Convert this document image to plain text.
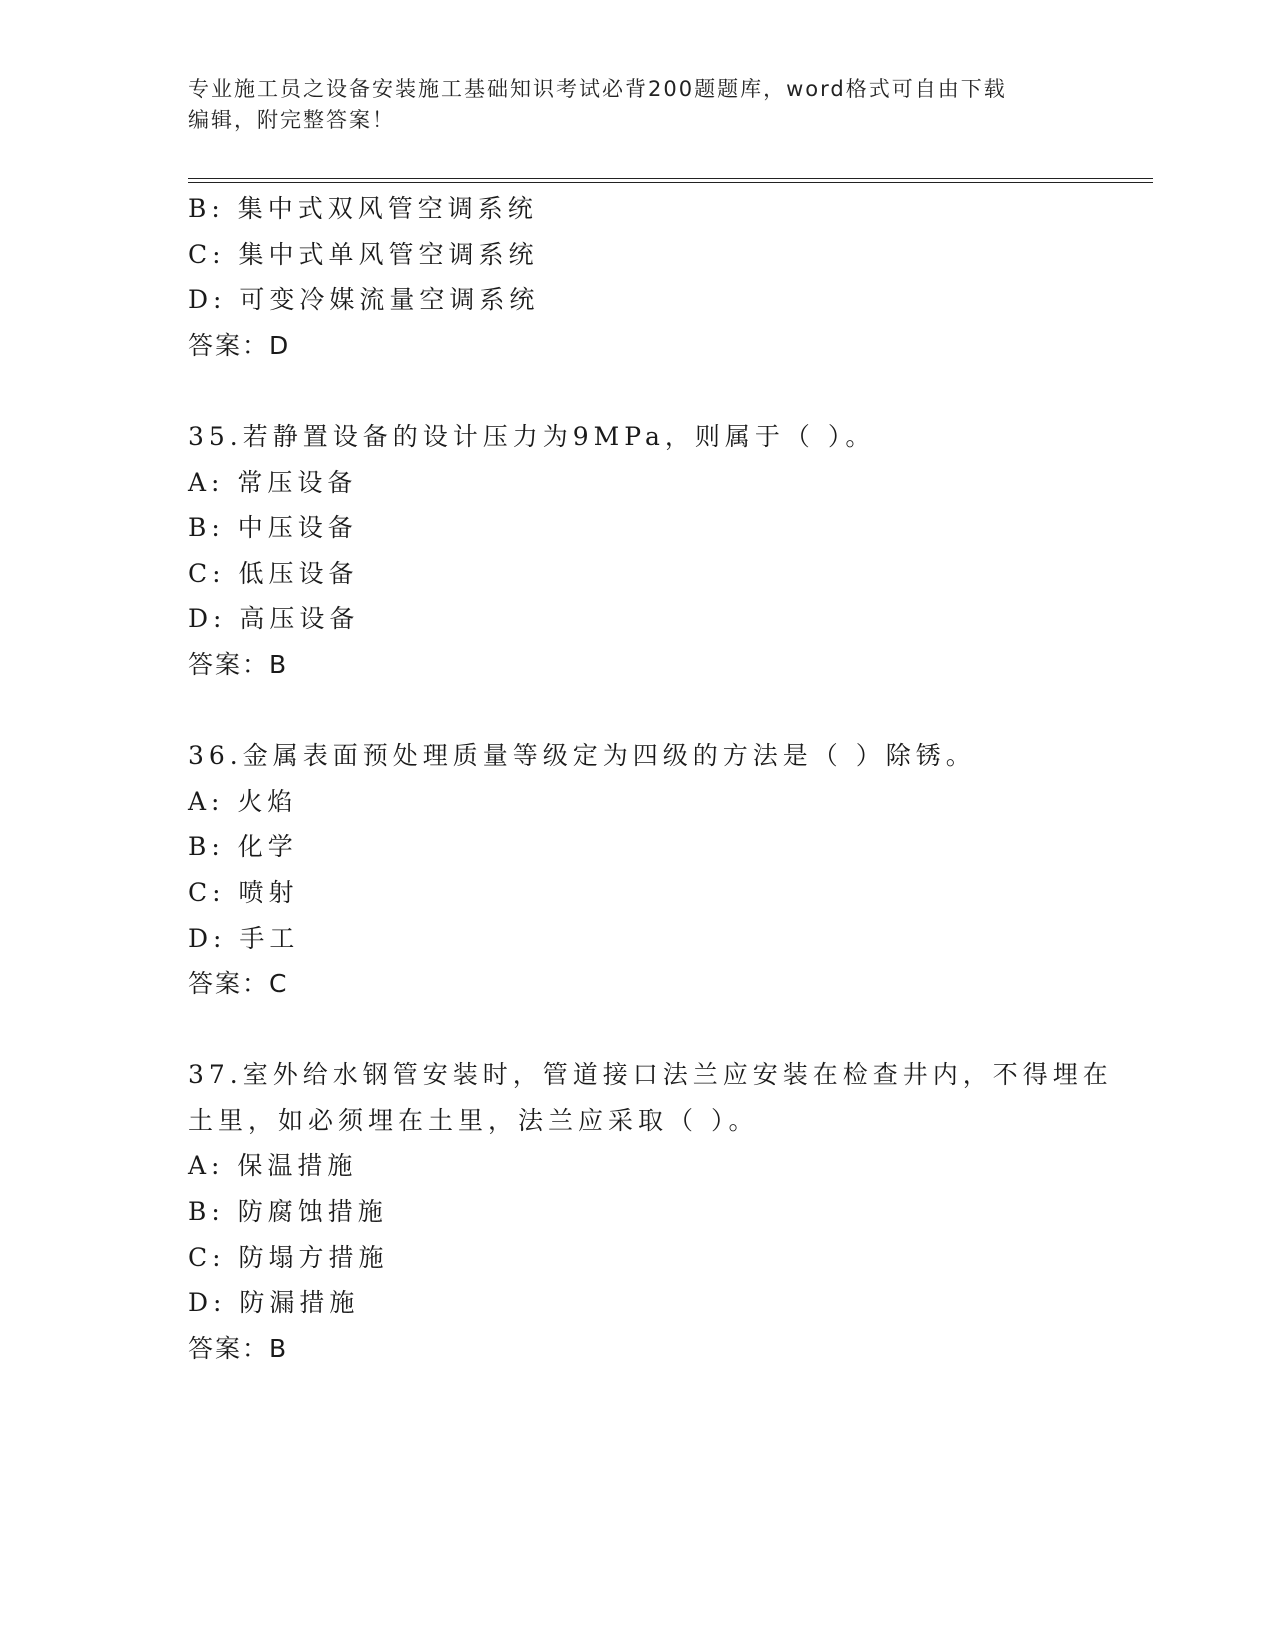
专业施工员之设备安装施工基础知识考试必背200题题库，word格式可自由下载
编辑，附完整答案！
B: 集中式双风管空调系统
C: 集中式单风管空调系统
D: 可变冷媒流量空调系统
答案：D
35.若静置设备的设计压力为9MPa，则属于（ ）。
A: 常压设备
B: 中压设备
C: 低压设备
D: 高压设备
答案：B
36.金属表面预处理质量等级定为四级的方法是（ ）除锈。
A: 火焰
B: 化学
C: 喷射
D: 手工
答案：C
37.室外给水钢管安装时，管道接口法兰应安装在检查井内，不得埋在
土里，如必须埋在土里，法兰应采取（ ）。
A: 保温措施
B: 防腐蚀措施
C: 防塌方措施
D: 防漏措施
答案：B
